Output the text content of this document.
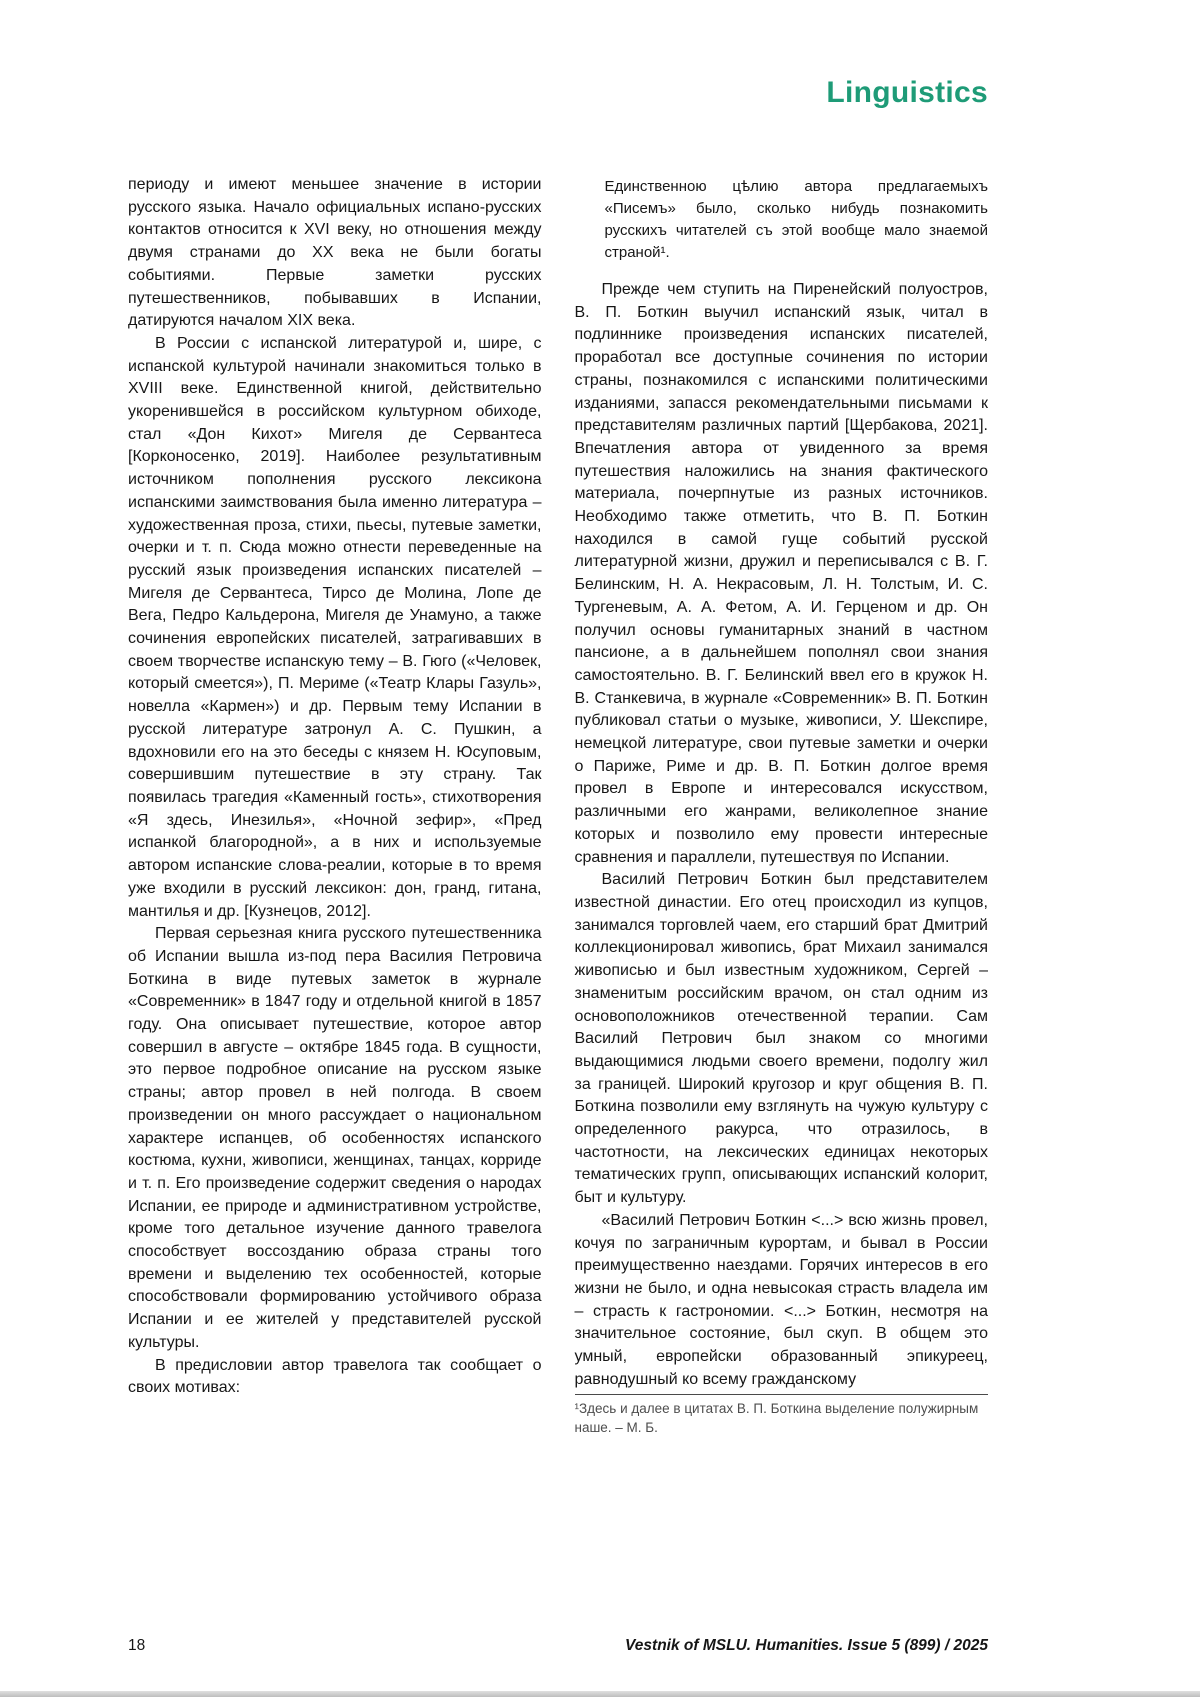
Linguistics

периоду и имеют меньшее значение в истории русского языка. Начало официальных испано-русских контактов относится к XVI веку, но отношения между двумя странами до XX века не были богаты событиями. Первые заметки русских путешественников, побывавших в Испании, датируются началом XIX века.

В России с испанской литературой и, шире, с испанской культурой начинали знакомиться только в XVIII веке. Единственной книгой, действительно укоренившейся в российском культурном обиходе, стал «Дон Кихот» Мигеля де Сервантеса [Корконосенко, 2019]. Наиболее результативным источником пополнения русского лексикона испанскими заимствования была именно литература – художественная проза, стихи, пьесы, путевые заметки, очерки и т. п. Сюда можно отнести переведенные на русский язык произведения испанских писателей – Мигеля де Сервантеса, Тирсо де Молина, Лопе де Вега, Педро Кальдерона, Мигеля де Унамуно, а также сочинения европейских писателей, затрагивавших в своем творчестве испанскую тему – В. Гюго («Человек, который смеется»), П. Мериме («Театр Клары Газуль», новелла «Кармен») и др. Первым тему Испании в русской литературе затронул А. С. Пушкин, а вдохновили его на это беседы с князем Н. Юсуповым, совершившим путешествие в эту страну. Так появилась трагедия «Каменный гость», стихотворения «Я здесь, Инезилья», «Ночной зефир», «Пред испанкой благородной», а в них и используемые автором испанские слова-реалии, которые в то время уже входили в русский лексикон: дон, гранд, гитана, мантилья и др. [Кузнецов, 2012].

Первая серьезная книга русского путешественника об Испании вышла из-под пера Василия Петровича Боткина в виде путевых заметок в журнале «Современник» в 1847 году и отдельной книгой в 1857 году. Она описывает путешествие, которое автор совершил в августе – октябре 1845 года. В сущности, это первое подробное описание на русском языке страны; автор провел в ней полгода. В своем произведении он много рассуждает о национальном характере испанцев, об особенностях испанского костюма, кухни, живописи, женщинах, танцах, корриде и т. п. Его произведение содержит сведения о народах Испании, ее природе и административном устройстве, кроме того детальное изучение данного травелога способствует воссозданию образа страны того времени и выделению тех особенностей, которые способствовали формированию устойчивого образа Испании и ее жителей у представителей русской культуры.

В предисловии автор травелога так сообщает о своих мотивах:

Единственною цѣлию автора предлагаемыхъ «Писемъ» было, сколько нибудь познакомить русскихъ читателей съ этой вообще мало знаемой страной¹.

Прежде чем ступить на Пиренейский полуостров, В. П. Боткин выучил испанский язык, читал в подлиннике произведения испанских писателей, проработал все доступные сочинения по истории страны, познакомился с испанскими политическими изданиями, запасся рекомендательными письмами к представителям различных партий [Щербакова, 2021]. Впечатления автора от увиденного за время путешествия наложились на знания фактического материала, почерпнутые из разных источников. Необходимо также отметить, что В. П. Боткин находился в самой гуще событий русской литературной жизни, дружил и переписывался с В. Г. Белинским, Н. А. Некрасовым, Л. Н. Толстым, И. С. Тургеневым, А. А. Фетом, А. И. Герценом и др. Он получил основы гуманитарных знаний в частном пансионе, а в дальнейшем пополнял свои знания самостоятельно. В. Г. Белинский ввел его в кружок Н. В. Станкевича, в журнале «Современник» В. П. Боткин публиковал статьи о музыке, живописи, У. Шекспире, немецкой литературе, свои путевые заметки и очерки о Париже, Риме и др. В. П. Боткин долгое время провел в Европе и интересовался искусством, различными его жанрами, великолепное знание которых и позволило ему провести интересные сравнения и параллели, путешествуя по Испании.

Василий Петрович Боткин был представителем известной династии. Его отец происходил из купцов, занимался торговлей чаем, его старший брат Дмитрий коллекционировал живопись, брат Михаил занимался живописью и был известным художником, Сергей – знаменитым российским врачом, он стал одним из основоположников отечественной терапии. Сам Василий Петрович был знаком со многими выдающимися людьми своего времени, подолгу жил за границей. Широкий кругозор и круг общения В. П. Боткина позволили ему взглянуть на чужую культуру с определенного ракурса, что отразилось, в частотности, на лексических единицах некоторых тематических групп, описывающих испанский колорит, быт и культуру.

«Василий Петрович Боткин <...> всю жизнь провел, кочуя по заграничным курортам, и бывал в России преимущественно наездами. Горячих интересов в его жизни не было, и одна невысокая страсть владела им – страсть к гастрономии. <...> Боткин, несмотря на значительное состояние, был скуп. В общем это умный, европейски образованный эпикуреец, равнодушный ко всему гражданскому

¹Здесь и далее в цитатах В. П. Боткина выделение полужирным наше. – М. Б.
18	Vestnik of MSLU. Humanities. Issue 5 (899) / 2025
